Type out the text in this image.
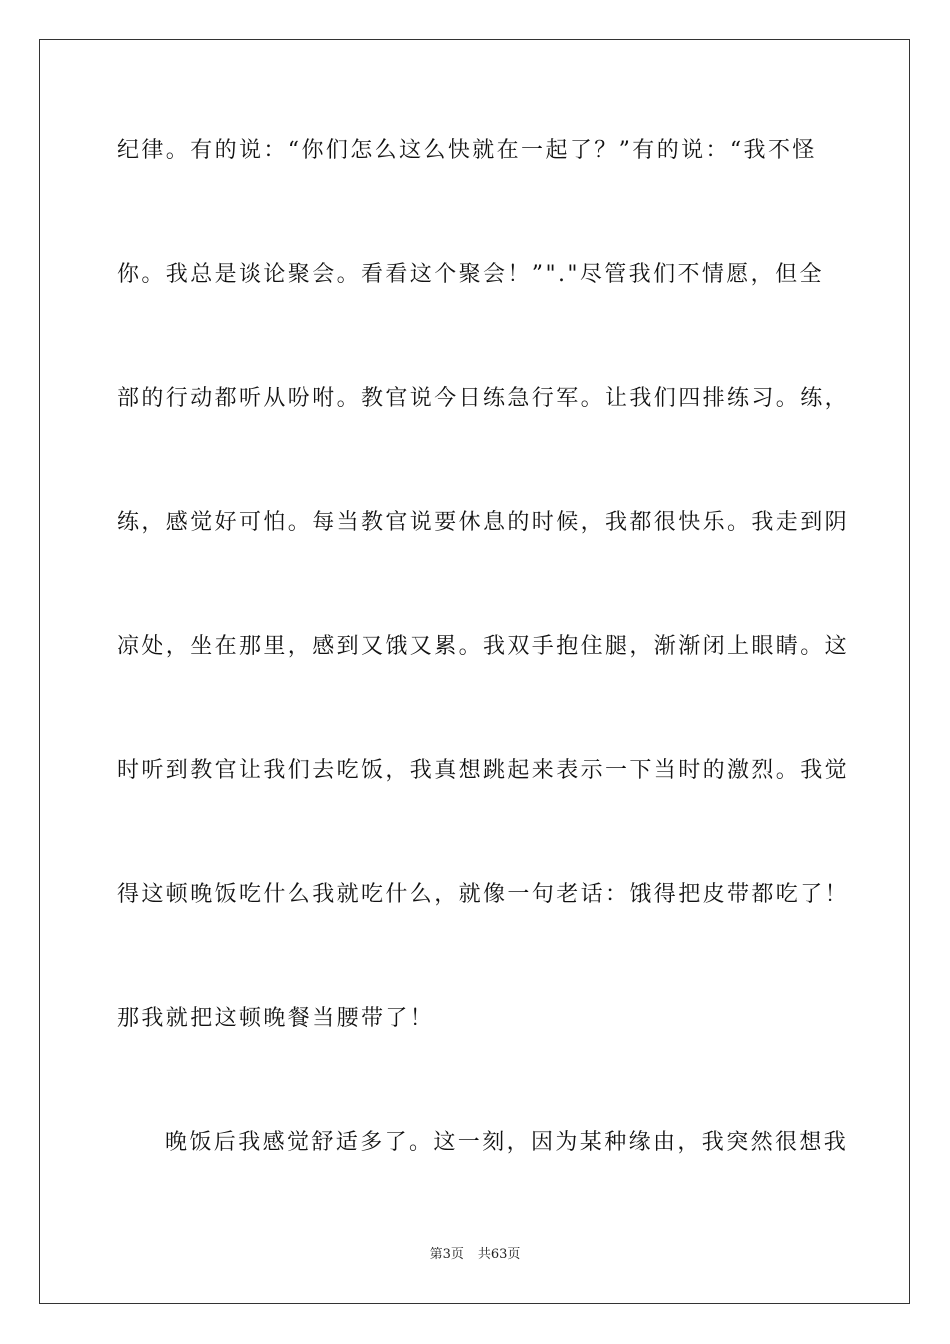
纪律。有的说：“你们怎么这么快就在一起了？”有的说：“我不怪
你。我总是谈论聚会。看看这个聚会！”"."尽管我们不情愿，但全
部的行动都听从吩咐。教官说今日练急行军。让我们四排练习。练，
练，感觉好可怕。每当教官说要休息的时候，我都很快乐。我走到阴
凉处，坐在那里，感到又饿又累。我双手抱住腿，渐渐闭上眼睛。这
时听到教官让我们去吃饭，我真想跳起来表示一下当时的激烈。我觉
得这顿晚饭吃什么我就吃什么，就像一句老话：饿得把皮带都吃了！
那我就把这顿晚餐当腰带了！
晚饭后我感觉舒适多了。这一刻，因为某种缘由，我突然很想我
第3页 共63页
